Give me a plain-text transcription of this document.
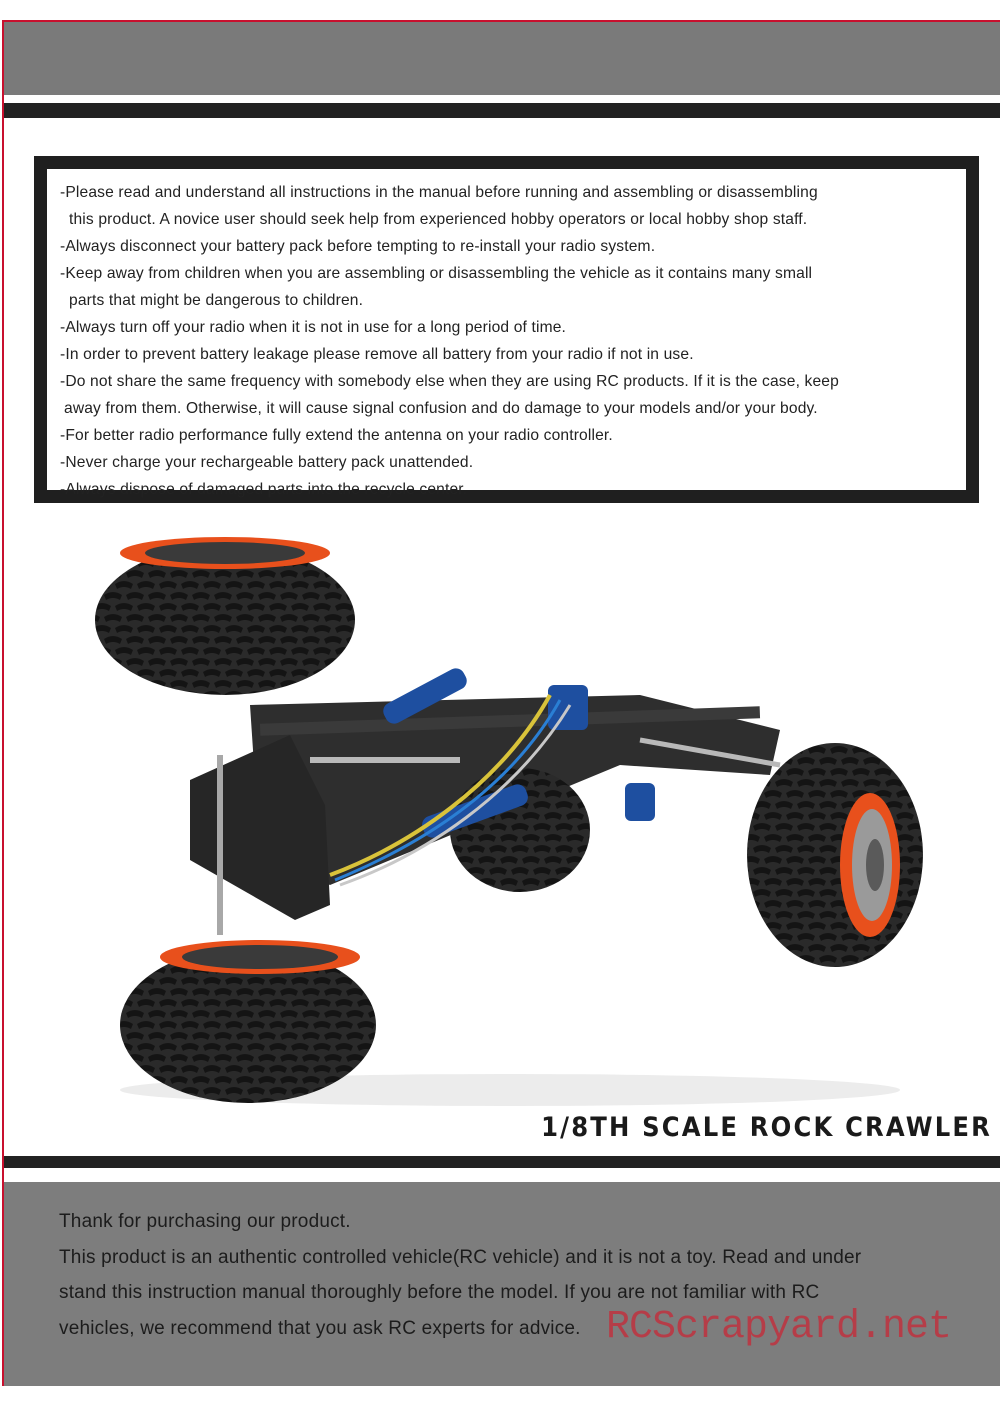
-Please read and understand all instructions in the manual before running and assembling or disassembling
this product. A novice user should seek help from experienced hobby operators or local hobby shop staff.
-Always disconnect your battery pack before tempting to re-install your radio system.
-Keep away from children when you are assembling or disassembling the vehicle as it contains many small
parts that might be dangerous to children.
-Always turn off your radio when it is not in use for a long period of time.
-In order to prevent battery leakage please remove all battery from your radio if not in use.
-Do not share the same frequency with somebody else when they are using RC products. If it is the case, keep
away from them. Otherwise, it will cause signal confusion and do damage to your models and/or your body.
-For better radio performance fully extend the antenna on your radio controller.
-Never charge your rechargeable battery pack unattended.
-Always dispose of damaged parts into the recycle center.
1/8TH SCALE ROCK CRAWLER

Thank for purchasing our product.

This product is an authentic controlled vehicle(RC vehicle) and it is not a toy. Read and under

stand this instruction manual thoroughly before the model. If you are not familiar with RC

vehicles, we recommend that you ask RC experts for advice. RCScrapyard.net
